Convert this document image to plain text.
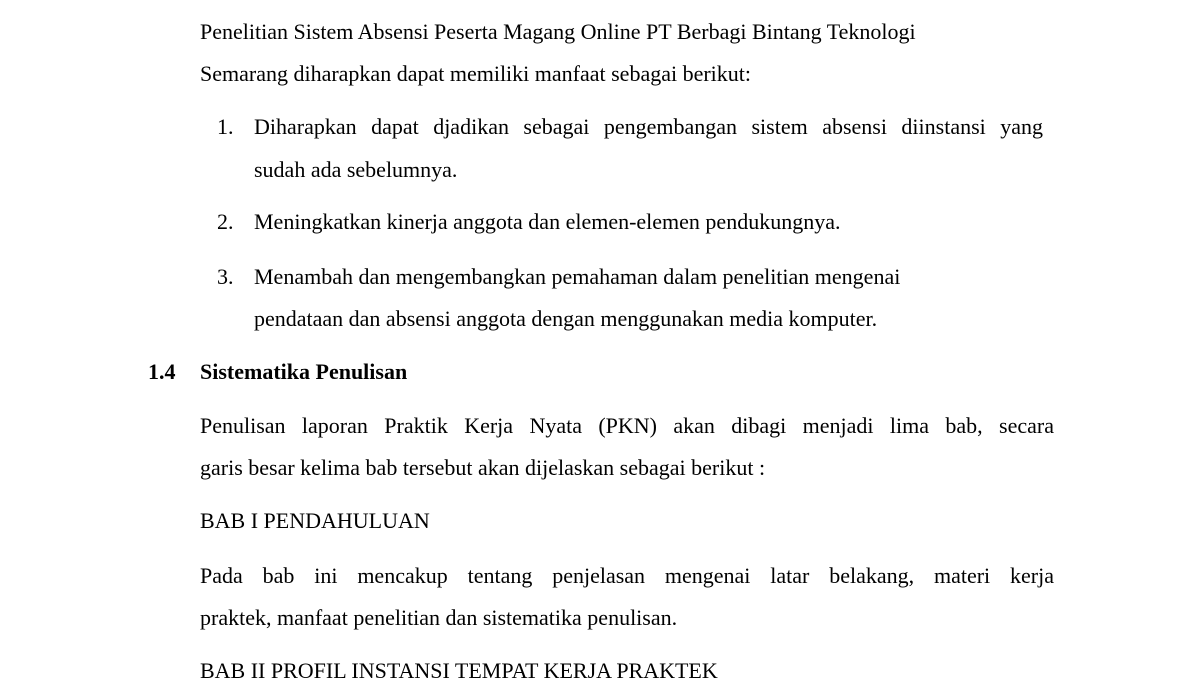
Penelitian Sistem Absensi Peserta Magang Online PT Berbagi Bintang Teknologi
Semarang diharapkan dapat memiliki manfaat sebagai berikut:
1. Diharapkan dapat djadikan sebagai pengembangan sistem absensi diinstansi yang
sudah ada sebelumnya.
2. Meningkatkan kinerja anggota dan elemen-elemen pendukungnya.
3. Menambah dan mengembangkan pemahaman dalam penelitian mengenai
pendataan dan absensi anggota dengan menggunakan media komputer.
1.4 Sistematika Penulisan
Penulisan laporan Praktik Kerja Nyata (PKN) akan dibagi menjadi lima bab, secara
garis besar kelima bab tersebut akan dijelaskan sebagai berikut :
BAB I PENDAHULUAN
Pada bab ini mencakup tentang penjelasan mengenai latar belakang, materi kerja
praktek, manfaat penelitian dan sistematika penulisan.
BAB II PROFIL INSTANSI TEMPAT KERJA PRAKTEK
